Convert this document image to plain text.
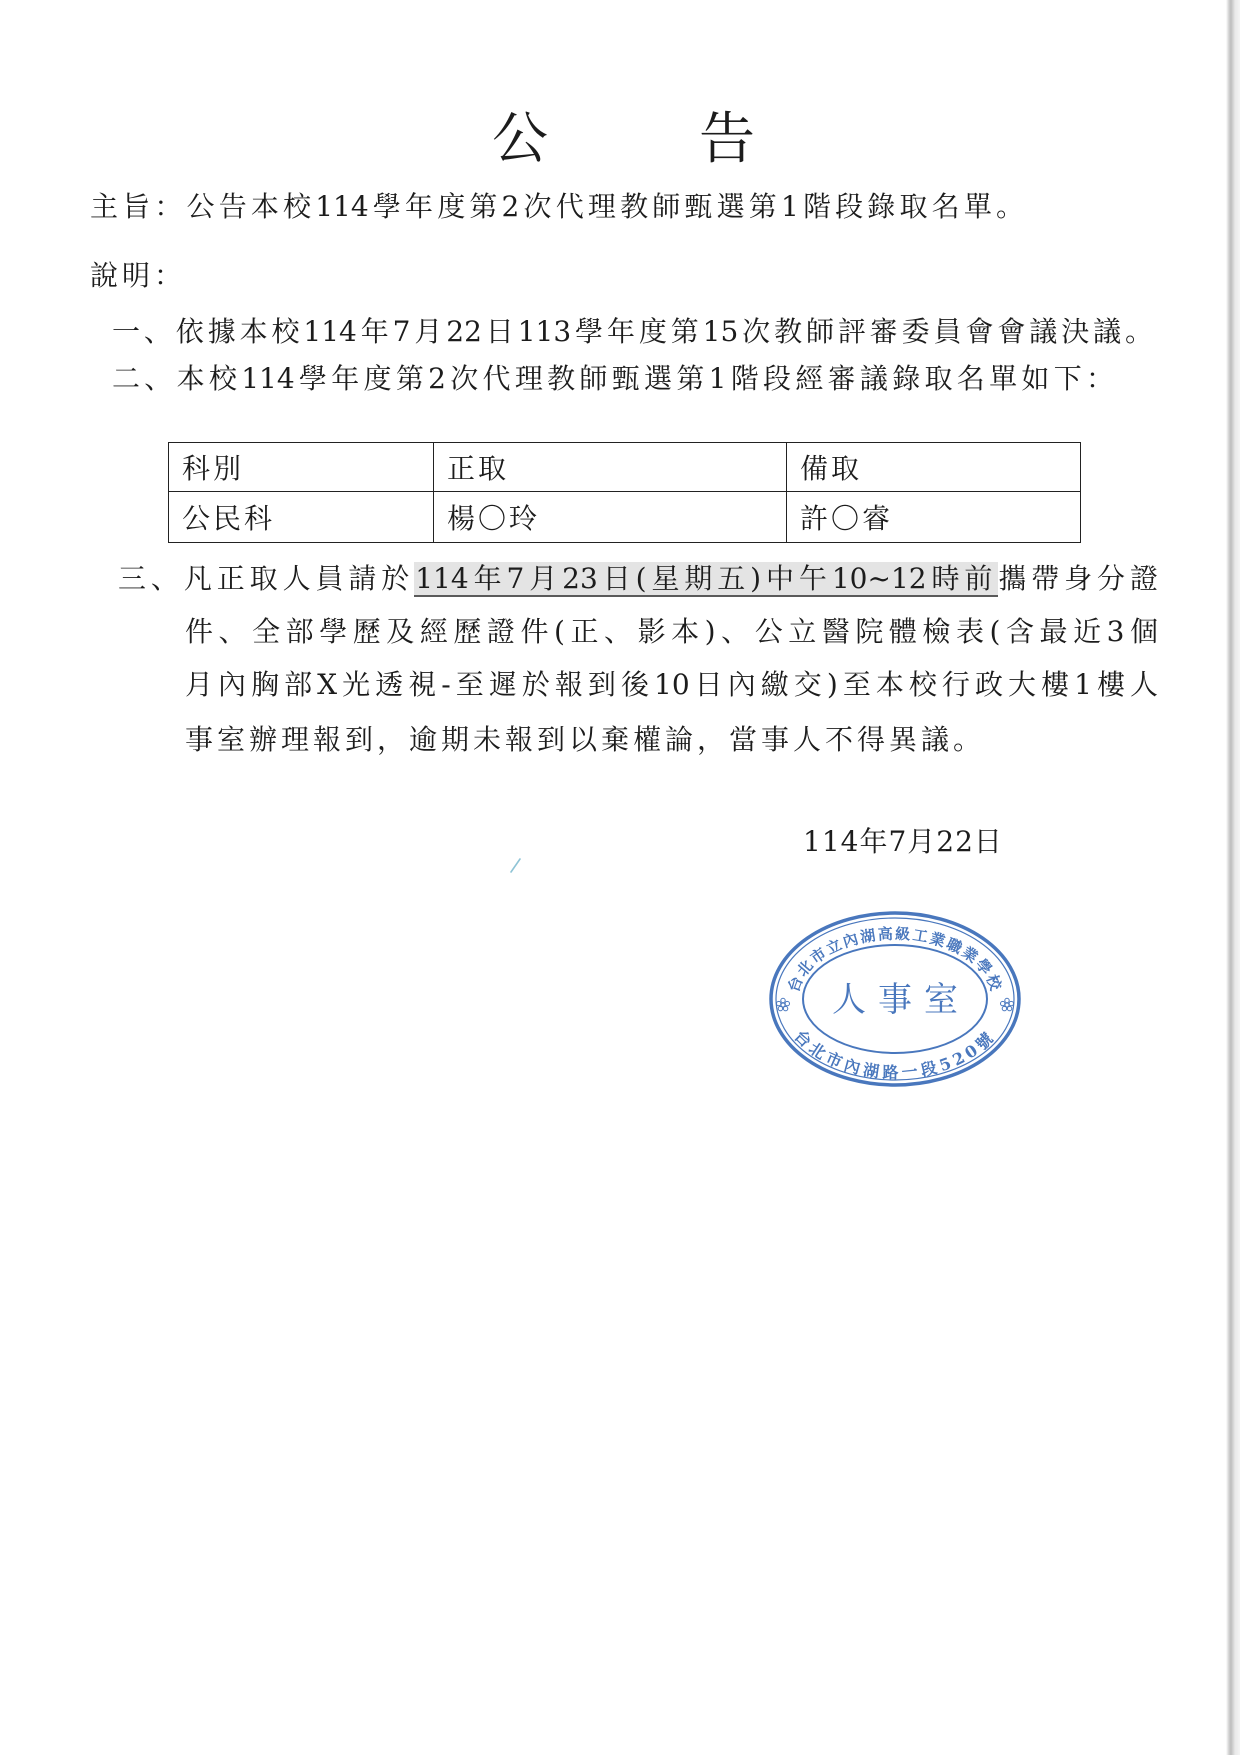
公告
主旨：公告本校114學年度第2次代理教師甄選第1階段錄取名單。
說明：
一、依據本校114年7月22日113學年度第15次教師評審委員會會議決議。
二、本校114學年度第2次代理教師甄選第1階段經審議錄取名單如下：
科別	正取	備取
公民科	楊〇玲	許〇睿
三、凡正取人員請於114年7月23日(星期五)中午10~12時前攜帶身分證
件、全部學歷及經歷證件(正、影本)、公立醫院體檢表(含最近3個
月內胸部X光透視-至遲於報到後10日內繳交)至本校行政大樓1樓人
事室辦理報到，逾期未報到以棄權論，當事人不得異議。
114年7月22日
台北市立內湖高級工業職業學校
人事室
台北市內湖路一段520號
